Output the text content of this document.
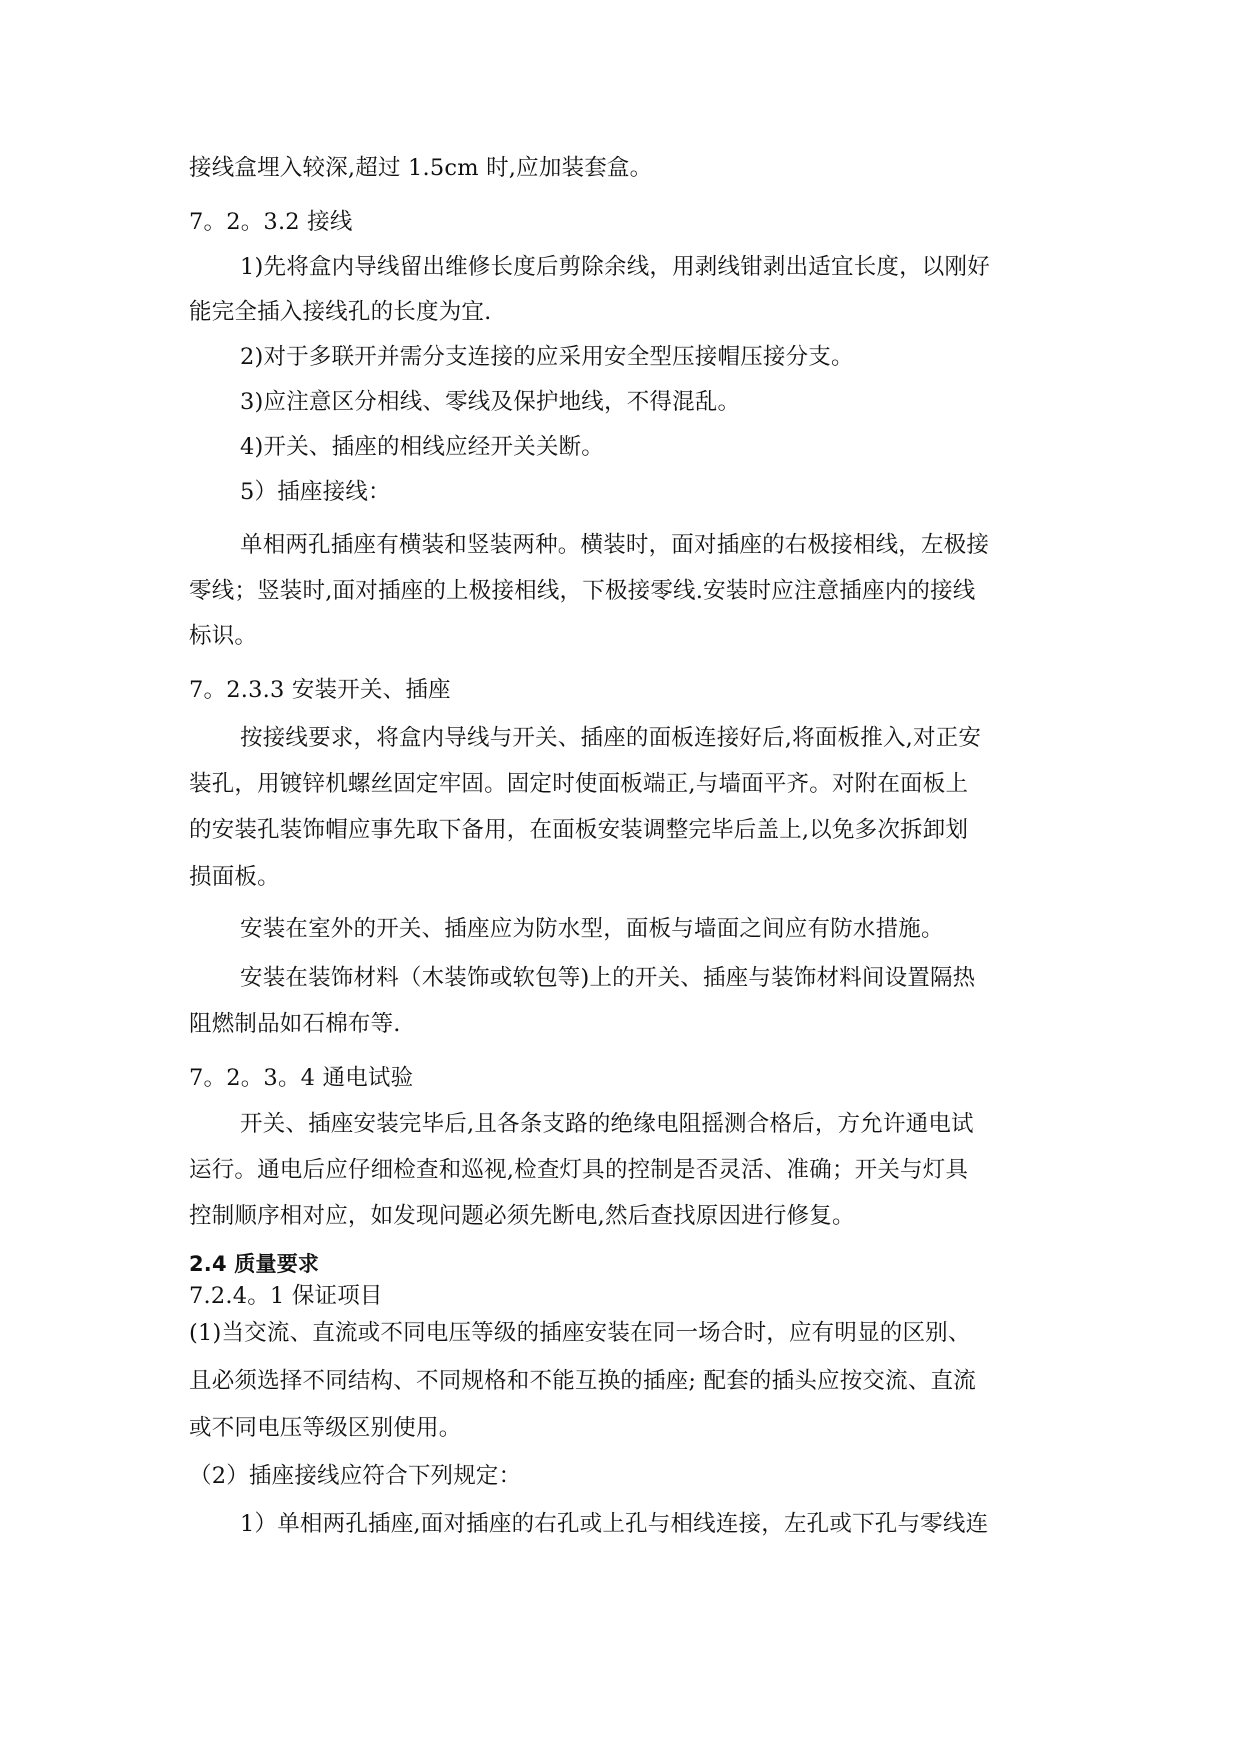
接线盒埋入较深,超过 1.5cm 时,应加装套盒。

7。2。3.2 接线

1)先将盒内导线留出维修长度后剪除余线，用剥线钳剥出适宜长度，以刚好

能完全插入接线孔的长度为宜.

2)对于多联开并需分支连接的应采用安全型压接帽压接分支。

3)应注意区分相线、零线及保护地线，不得混乱。

4)开关、插座的相线应经开关关断。

5）插座接线：

单相两孔插座有横装和竖装两种。横装时，面对插座的右极接相线，左极接

零线；竖装时,面对插座的上极接相线，下极接零线.安装时应注意插座内的接线

标识。

7。2.3.3 安装开关、插座

按接线要求，将盒内导线与开关、插座的面板连接好后,将面板推入,对正安

装孔，用镀锌机螺丝固定牢固。固定时使面板端正,与墙面平齐。对附在面板上

的安装孔装饰帽应事先取下备用，在面板安装调整完毕后盖上,以免多次拆卸划

损面板。

安装在室外的开关、插座应为防水型，面板与墙面之间应有防水措施。

安装在装饰材料（木装饰或软包等)上的开关、插座与装饰材料间设置隔热

阻燃制品如石棉布等.

7。2。3。4 通电试验

开关、插座安装完毕后,且各条支路的绝缘电阻摇测合格后，方允许通电试

运行。通电后应仔细检查和巡视,检查灯具的控制是否灵活、准确；开关与灯具

控制顺序相对应，如发现问题必须先断电,然后查找原因进行修复。

2.4 质量要求

7.2.4。1 保证项目

(1)当交流、直流或不同电压等级的插座安装在同一场合时，应有明显的区别、

且必须选择不同结构、不同规格和不能互换的插座; 配套的插头应按交流、直流

或不同电压等级区别使用。

（2）插座接线应符合下列规定：

1）单相两孔插座,面对插座的右孔或上孔与相线连接，左孔或下孔与零线连
